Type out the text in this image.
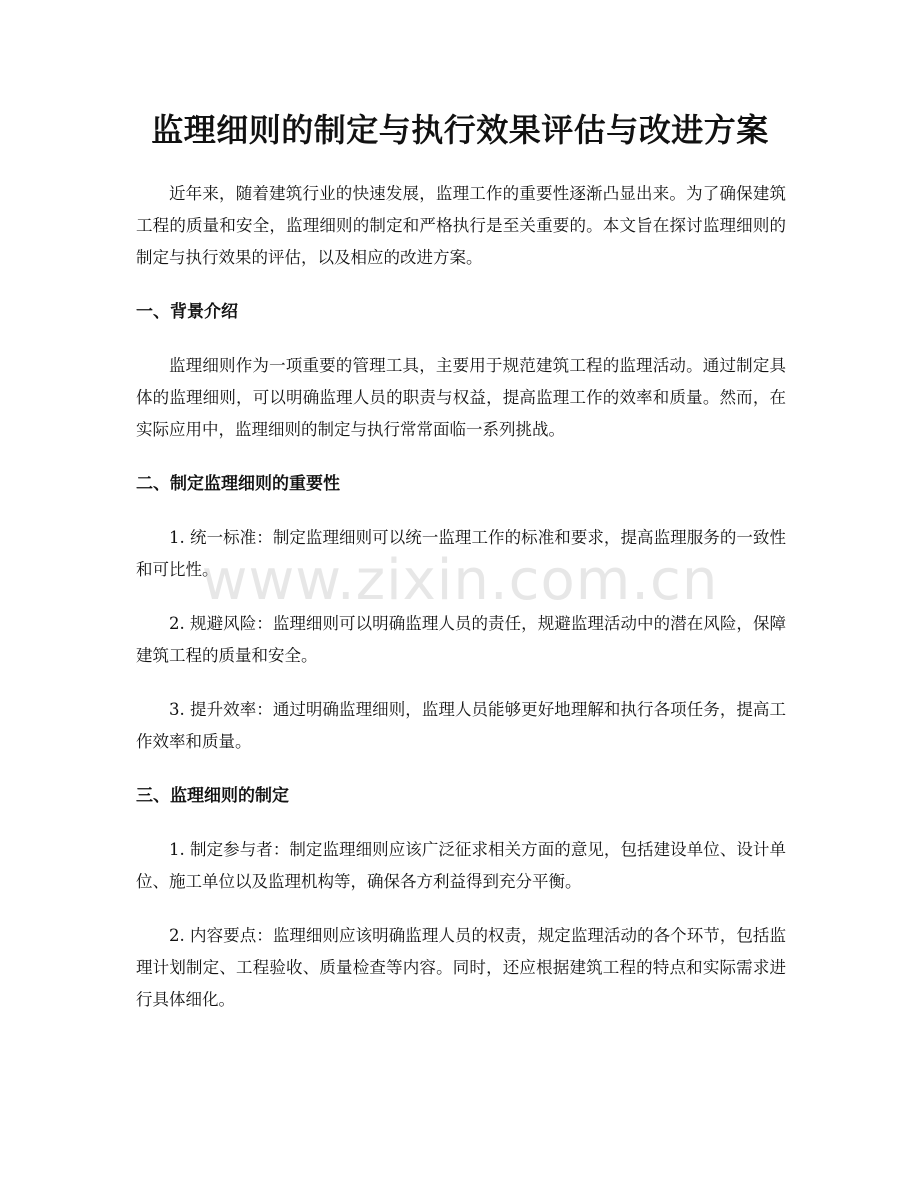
监理细则的制定与执行效果评估与改进方案

近年来，随着建筑行业的快速发展，监理工作的重要性逐渐凸显出来。为了确保建筑工程的质量和安全，监理细则的制定和严格执行是至关重要的。本文旨在探讨监理细则的制定与执行效果的评估，以及相应的改进方案。

一、背景介绍

监理细则作为一项重要的管理工具，主要用于规范建筑工程的监理活动。通过制定具体的监理细则，可以明确监理人员的职责与权益，提高监理工作的效率和质量。然而，在实际应用中，监理细则的制定与执行常常面临一系列挑战。

二、制定监理细则的重要性

1. 统一标准：制定监理细则可以统一监理工作的标准和要求，提高监理服务的一致性和可比性。

2. 规避风险：监理细则可以明确监理人员的责任，规避监理活动中的潜在风险，保障建筑工程的质量和安全。

3. 提升效率：通过明确监理细则，监理人员能够更好地理解和执行各项任务，提高工作效率和质量。

三、监理细则的制定

1. 制定参与者：制定监理细则应该广泛征求相关方面的意见，包括建设单位、设计单位、施工单位以及监理机构等，确保各方利益得到充分平衡。

2. 内容要点：监理细则应该明确监理人员的权责，规定监理活动的各个环节，包括监理计划制定、工程验收、质量检查等内容。同时，还应根据建筑工程的特点和实际需求进行具体细化。

www.zixin.com.cn
